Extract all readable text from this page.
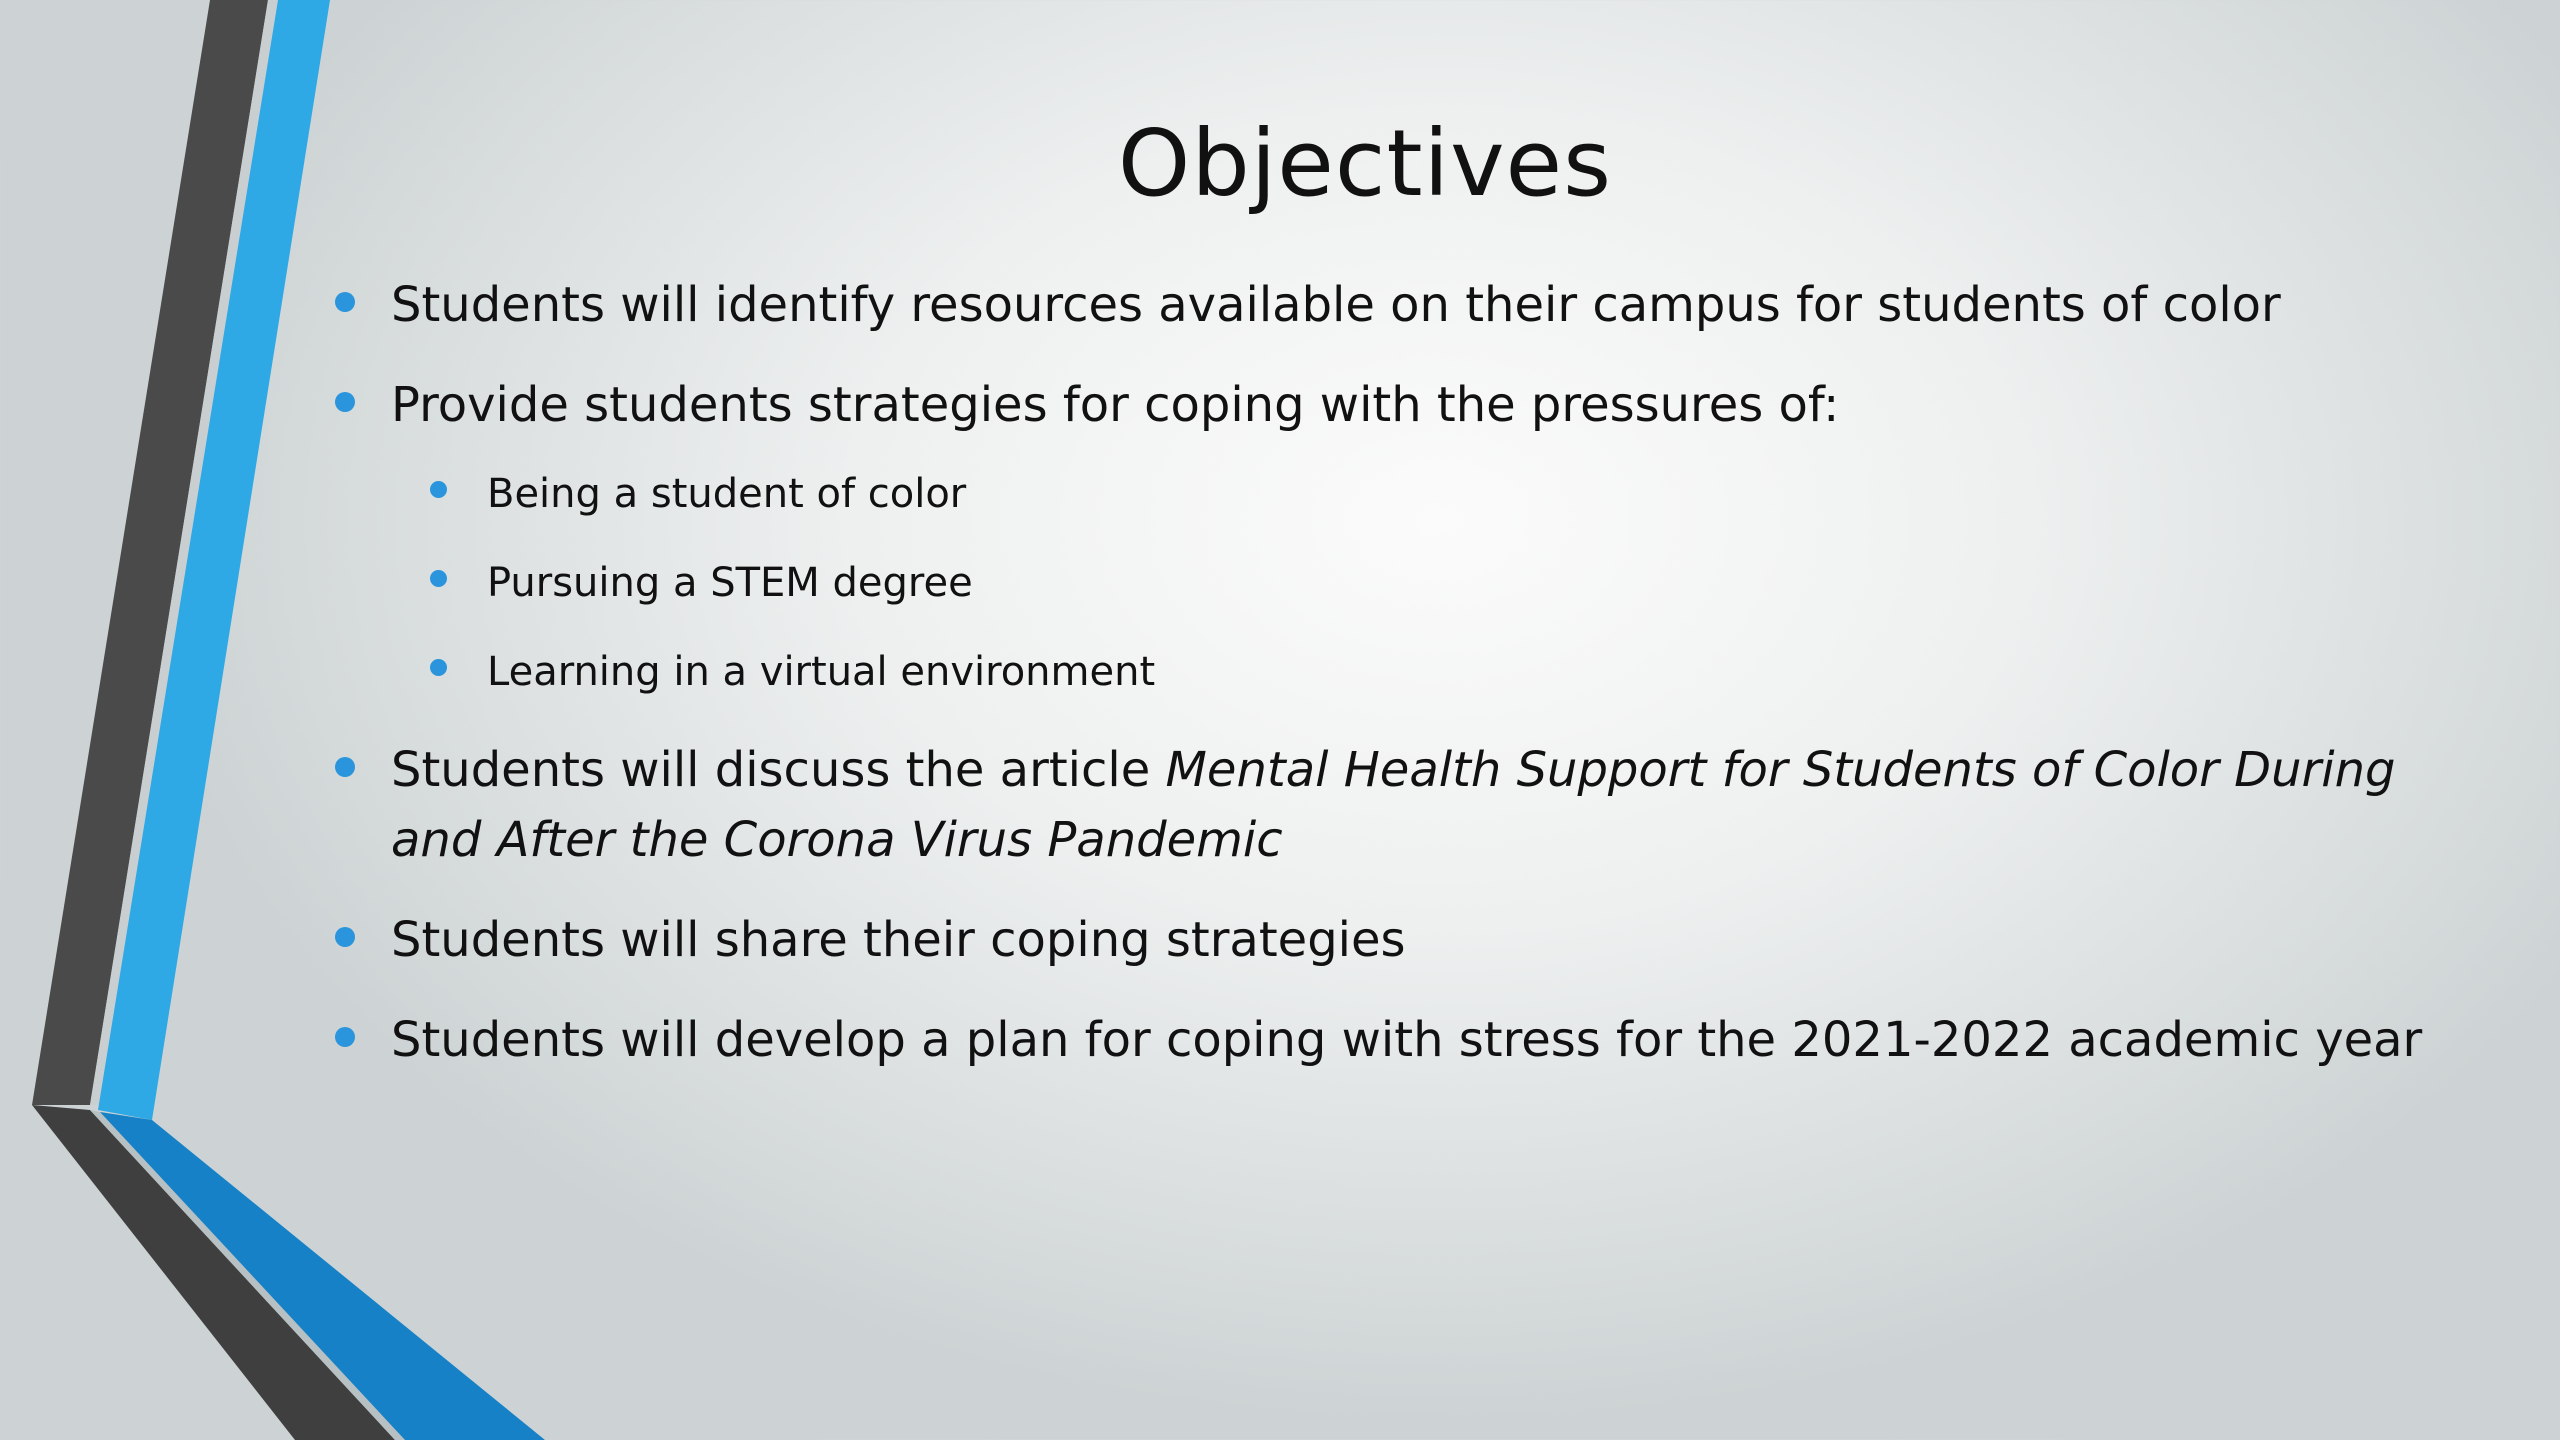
Objectives
Students will identify resources available on their campus for students of color
Provide students strategies for coping with the pressures of:
Being a student of color
Pursuing a STEM degree
Learning in a virtual environment
Students will discuss the article Mental Health Support for Students of Color During and After the Corona Virus Pandemic
Students will share their coping strategies
Students will develop a plan for coping with stress for the 2021-2022 academic year
